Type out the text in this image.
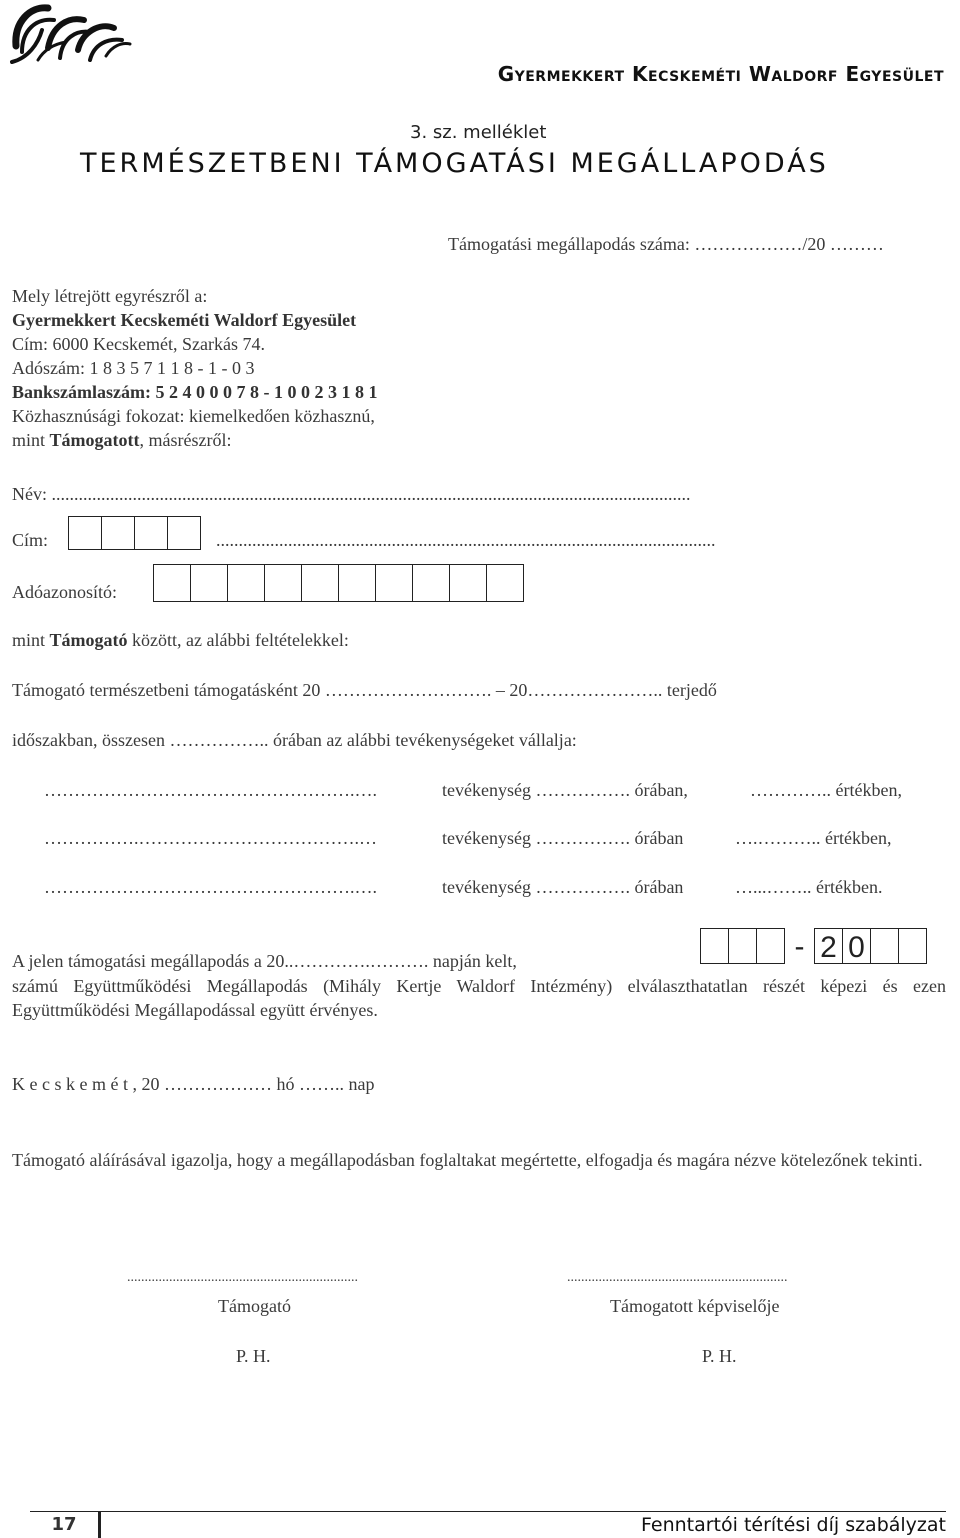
Gyermekkert Kecskeméti Waldorf Egyesület
3. sz. melléklet
TERMÉSZETBENI TÁMOGATÁSI MEGÁLLAPODÁS
Támogatási megállapodás száma: ………………/20 ………
Mely létrejött egyrészről a:
Gyermekkert Kecskeméti Waldorf Egyesület
Cím: 6000 Kecskemét, Szarkás 74.
Adószám: 1 8 3 5 7 1 1 8 - 1 - 0 3
Bankszámlaszám: 5 2 4 0 0 0 7 8 - 1 0 0 2 3 1 8 1
Közhasznúsági fokozat: kiemelkedően közhasznú,
mint Támogatott, másrészről:
Név: ..............................................................................................................................................
Cím:	...............................................................................................................
Adóazonosító:
mint Támogató között, az alábbi feltételekkel:
Támogató természetbeni támogatásként 20 ………………………. – 20………………….. terjedő
időszakban, összesen …………….. órában az alábbi tevékenységeket vállalja:
…………………………………………….….	tevékenység ……………. órában,	………….. értékben,
…………….……………………………….…	tevékenység ……………. órában	….……….. értékben,
…………………………………………….….	tevékenység ……………. órában	…...…….. értékben.
A jelen támogatási megállapodás a 20..………….………. napján kelt,	- 2 0
számú Együttműködési Megállapodás (Mihály Kertje Waldorf Intézmény) elválaszthatatlan részét képezi és ezen Együttműködési Megállapodással együtt érvényes.
K e c s k e m é t , 20 ……………… hó …….. nap
Támogató aláírásával igazolja, hogy a megállapodásban foglaltakat megértette, elfogadja és magára nézve kötelezőnek tekinti.
..................................................................
Támogató
P. H.
...............................................................
Támogatott képviselője
P. H.
17	Fenntartói térítési díj szabályzat
